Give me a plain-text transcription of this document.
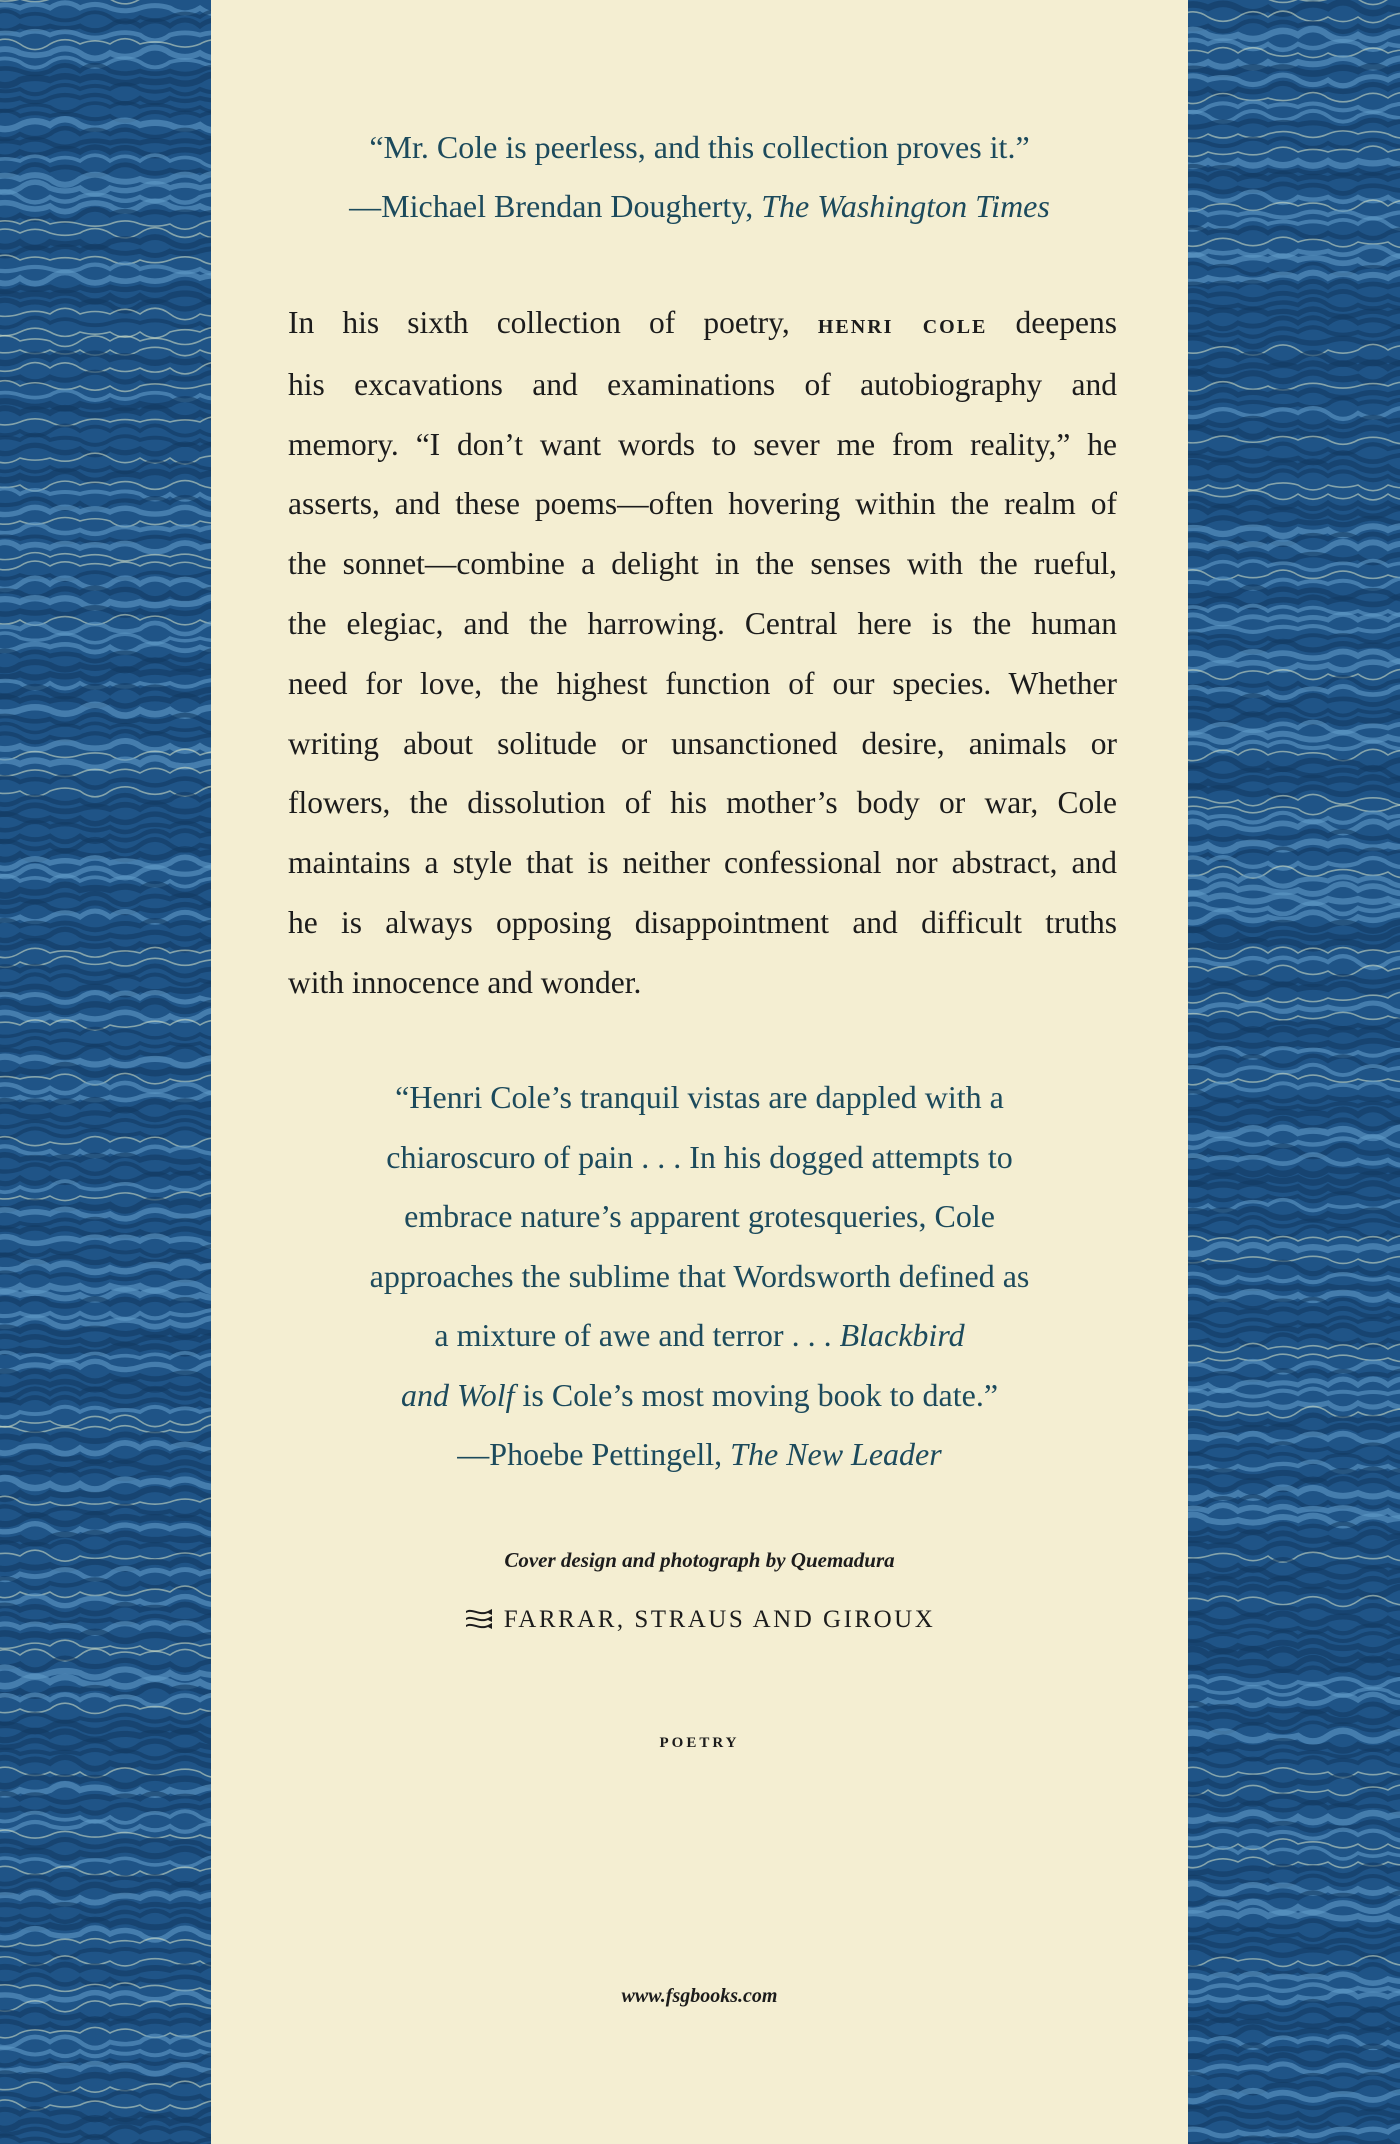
“Mr. Cole is peerless, and this collection proves it.”
—Michael Brendan Dougherty, The Washington Times
In his sixth collection of poetry, henri cole deepens
his excavations and examinations of autobiography and
memory. “I don’t want words to sever me from reality,” he
asserts, and these poems—often hovering within the realm of
the sonnet—combine a delight in the senses with the rueful,
the elegiac, and the harrowing. Central here is the human
need for love, the highest function of our species. Whether
writing about solitude or unsanctioned desire, animals or
flowers, the dissolution of his mother’s body or war, Cole
maintains a style that is neither confessional nor abstract, and
he is always opposing disappointment and difficult truths
with innocence and wonder.
“Henri Cole’s tranquil vistas are dappled with a
chiaroscuro of pain . . . In his dogged attempts to
embrace nature’s apparent grotesqueries, Cole
approaches the sublime that Wordsworth defined as
a mixture of awe and terror . . . Blackbird
and Wolf is Cole’s most moving book to date.”
—Phoebe Pettingell, The New Leader
Cover design and photograph by Quemadura
FARRAR, STRAUS AND GIROUX
POETRY
www.fsgbooks.com
